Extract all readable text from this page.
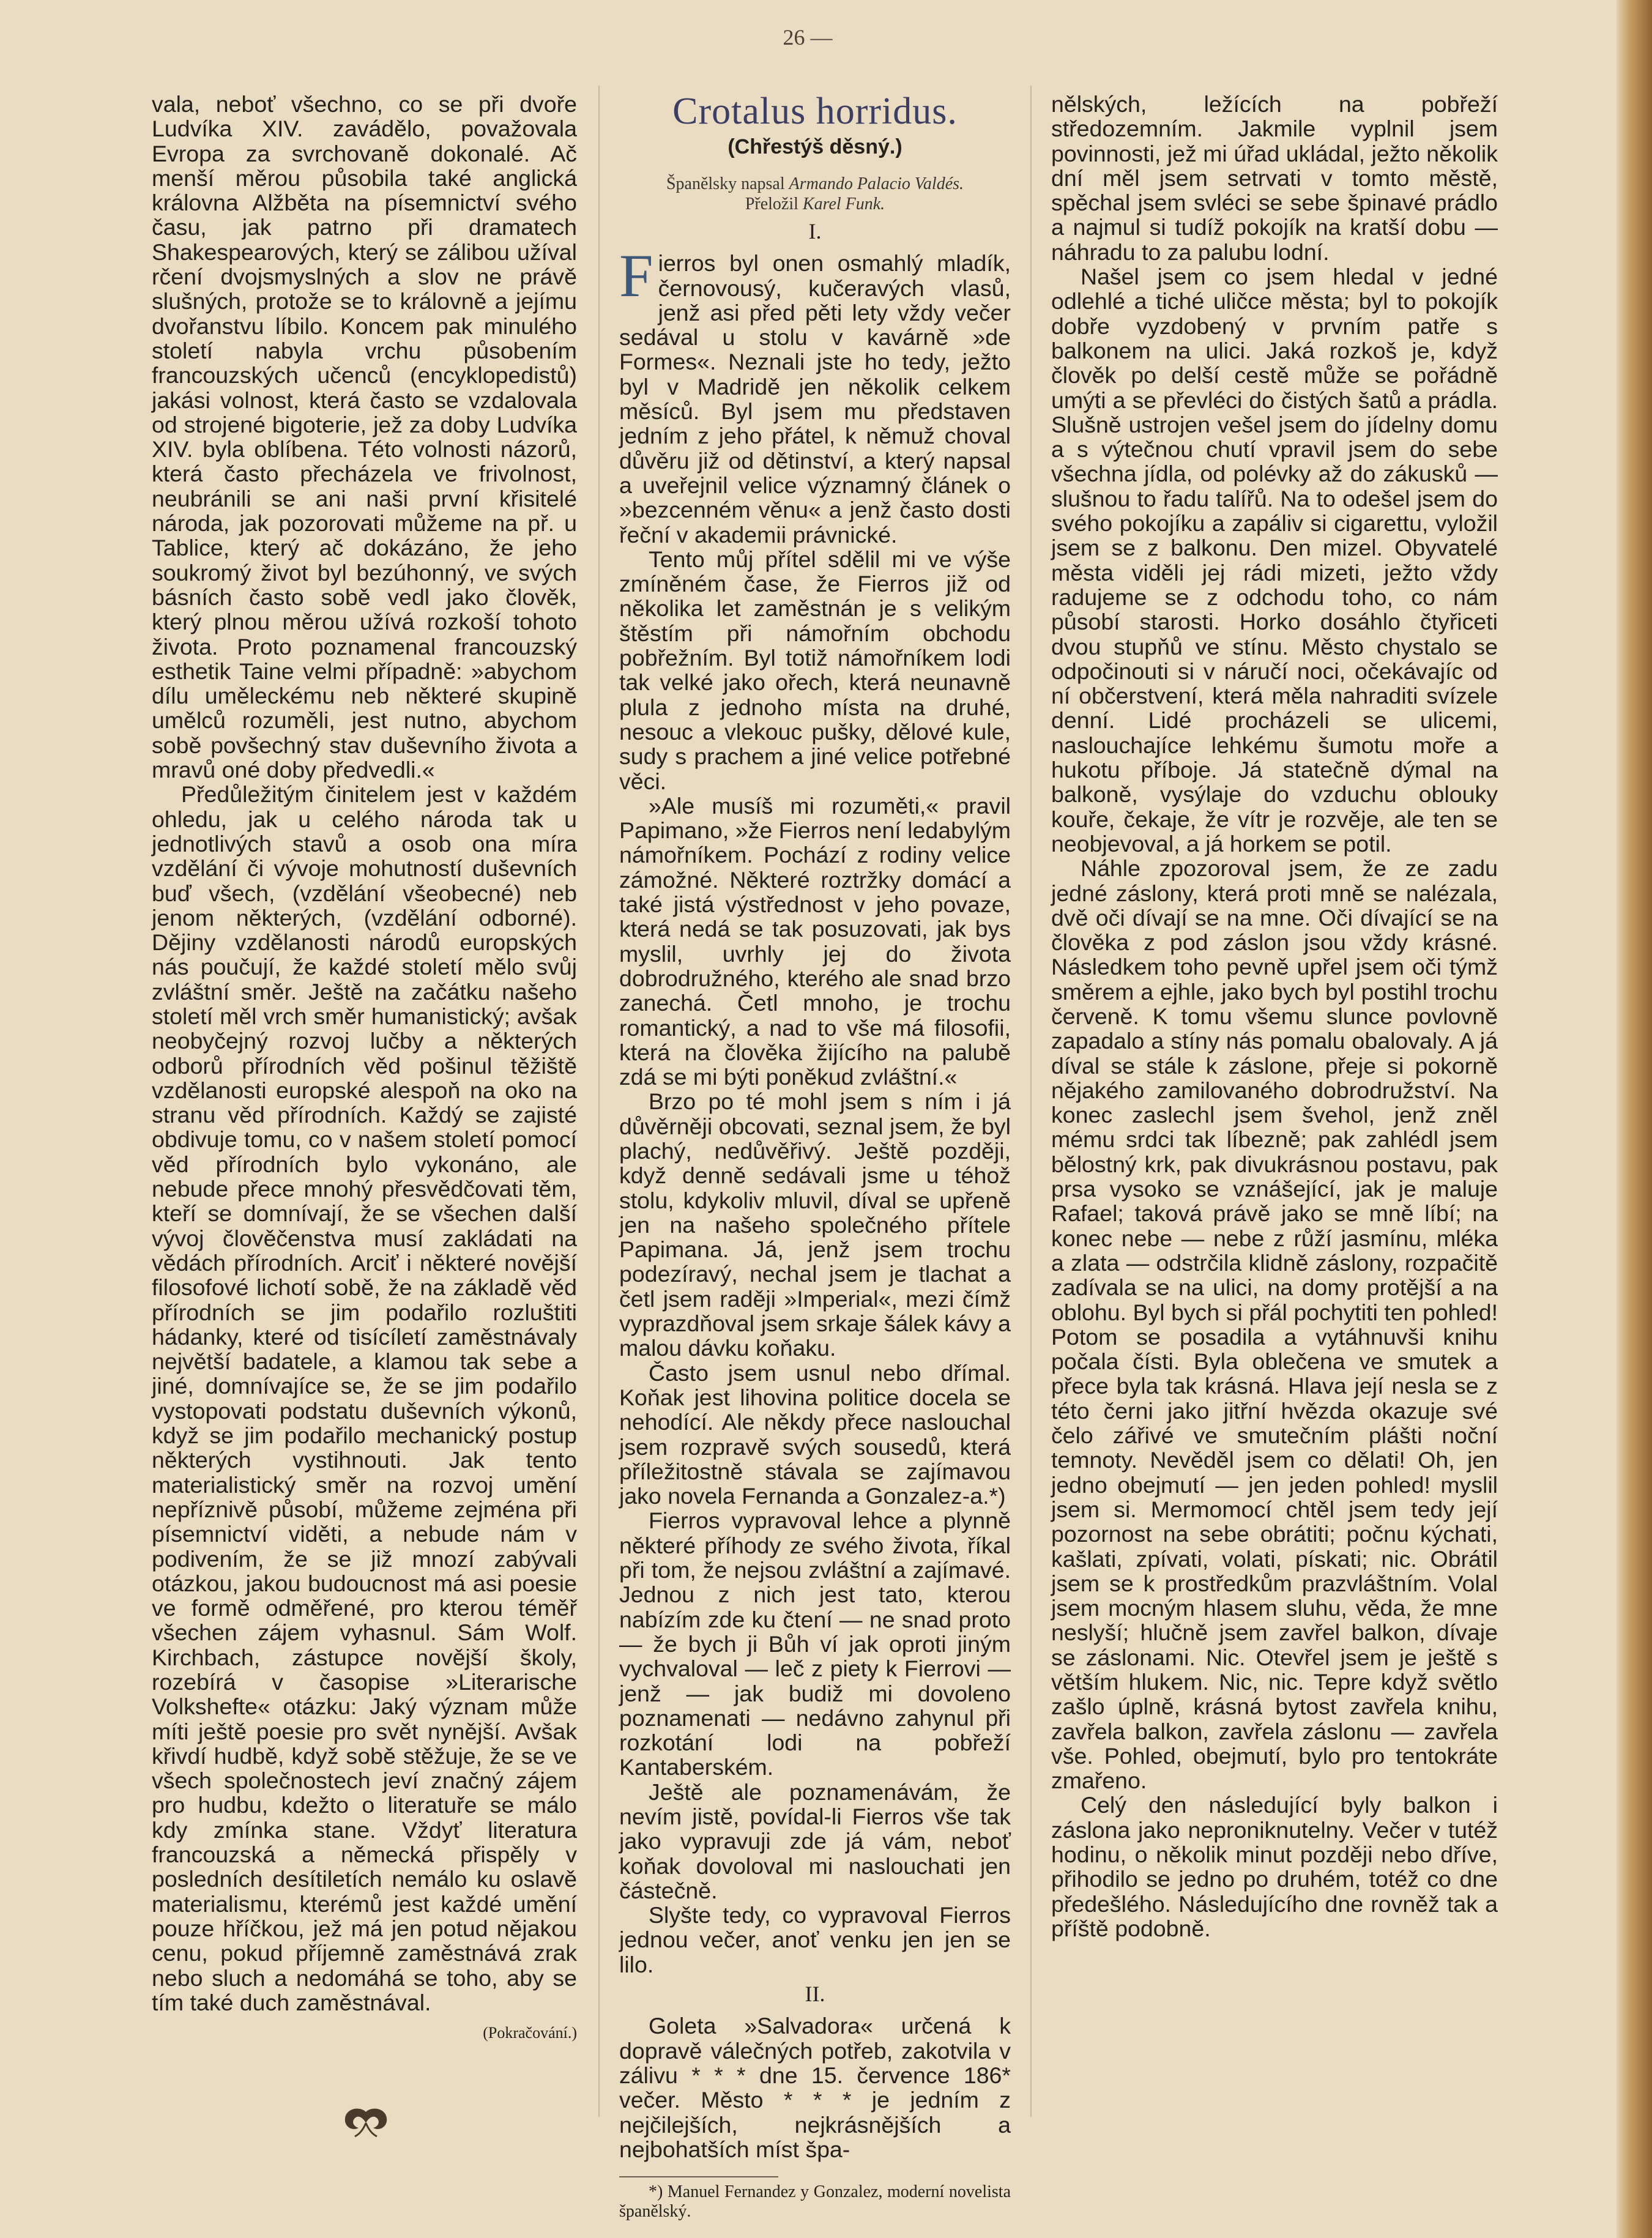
26 —

vala, neboť všechno, co se při dvoře Ludvíka XIV. zavádělo, považovala Evropa za svrchovaně dokonalé. Ač menší měrou působila také anglická královna Alžběta na písemnictví svého času, jak patrno při dramatech Shakespearových, který se zálibou užíval rčení dvojsmyslných a slov ne právě slušných, protože se to královně a jejímu dvořanstvu líbilo. Koncem pak minulého století nabyla vrchu působením francouzských učenců (encyklopedistů) jakási volnost, která často se vzdalovala od strojené bigoterie, jež za doby Ludvíka XIV. byla oblíbena. Této volnosti názorů, která často přecházela ve frivolnost, neubránili se ani naši první křisitelé národa, jak pozorovati můžeme na př. u Tablice, který ač dokázáno, že jeho soukromý život byl bezúhonný, ve svých básních často sobě vedl jako člověk, který plnou měrou užívá rozkoší tohoto života. Proto poznamenal francouzský esthetik Taine velmi případně: »abychom dílu uměleckému neb některé skupině umělců rozuměli, jest nutno, abychom sobě povšechný stav duševního života a mravů oné doby předvedli.«

Předůležitým činitelem jest v každém ohledu, jak u celého národa tak u jednotlivých stavů a osob ona míra vzdělání či vývoje mohutností duševních buď všech, (vzdělání všeobecné) neb jenom některých, (vzdělání odborné). Dějiny vzdělanosti národů europských nás poučují, že každé století mělo svůj zvláštní směr. Ještě na začátku našeho století měl vrch směr humanistický; avšak neobyčejný rozvoj lučby a některých odborů přírodních věd pošinul těžiště vzdělanosti europské alespoň na oko na stranu věd přírodních. Každý se zajisté obdivuje tomu, co v našem století pomocí věd přírodních bylo vykonáno, ale nebude přece mnohý přesvědčovati těm, kteří se domnívají, že se všechen další vývoj člověčenstva musí zakládati na vědách přírodních. Arciť i některé novější filosofové lichotí sobě, že na základě věd přírodních se jim podařilo rozluštiti hádanky, které od tisícíletí zaměstnávaly největší badatele, a klamou tak sebe a jiné, domnívajíce se, že se jim podařilo vystopovati podstatu duševních výkonů, když se jim podařilo mechanický postup některých vystihnouti. Jak tento materialistický směr na rozvoj umění nepříznivě působí, můžeme zejména při písemnictví viděti, a nebude nám v podivením, že se již mnozí zabývali otázkou, jakou budoucnost má asi poesie ve formě odměřené, pro kterou téměř všechen zájem vyhasnul. Sám Wolf. Kirchbach, zástupce novější školy, rozebírá v časopise »Literarische Volkshefte« otázku: Jaký význam může míti ještě poesie pro svět nynější. Avšak křivdí hudbě, když sobě stěžuje, že se ve všech společnostech jeví značný zájem pro hudbu, kdežto o literatuře se málo kdy zmínka stane. Vždyť literatura francouzská a německá přispěly v posledních desítiletích nemálo ku oslavě materialismu, kterémů jest každé umění pouze hříčkou, jež má jen potud nějakou cenu, pokud příjemně zaměstnává zrak nebo sluch a nedomáhá se toho, aby se tím také duch zaměstnával.

(Pokračování.)
Crotalus horridus.
(Chřestýš děsný.)
Španělsky napsal Armando Palacio Valdés.
Přeložil Karel Funk.

I.

Fierros byl onen osmahlý mladík, černovousý, kučeravých vlasů, jenž asi před pěti lety vždy večer sedával u stolu v kavárně »de Formes«. Neznali jste ho tedy, ježto byl v Madridě jen několik celkem měsíců. Byl jsem mu představen jedním z jeho přátel, k němuž choval důvěru již od dětinství, a který napsal a uveřejnil velice významný článek o »bezcenném věnu« a jenž často dosti řeční v akademii právnické.

Tento můj přítel sdělil mi ve výše zmíněném čase, že Fierros již od několika let zaměstnán je s velikým štěstím při námořním obchodu pobřežním. Byl totiž námořníkem lodi tak velké jako ořech, která neunavně plula z jednoho místa na druhé, nesouc a vlekouc pušky, dělové kule, sudy s prachem a jiné velice potřebné věci.

»Ale musíš mi rozuměti,« pravil Papimano, »že Fierros není ledabylým námořníkem. Pochází z rodiny velice zámožné. Některé roztržky domácí a také jistá výstřednost v jeho povaze, která nedá se tak posuzovati, jak bys myslil, uvrhly jej do života dobrodružného, kterého ale snad brzo zanechá. Četl mnoho, je trochu romantický, a nad to vše má filosofii, která na člověka žijícího na palubě zdá se mi býti poněkud zvláštní.«

Brzo po té mohl jsem s ním i já důvěrněji obcovati, seznal jsem, že byl plachý, nedůvěřivý. Ještě později, když denně sedávali jsme u téhož stolu, kdykoliv mluvil, díval se upřeně jen na našeho společného přítele Papimana. Já, jenž jsem trochu podezíravý, nechal jsem je tlachat a četl jsem raději »Imperial«, mezi čímž vyprazdňoval jsem srkaje šálek kávy a malou dávku koňaku.

Často jsem usnul nebo dřímal. Koňak jest lihovina politice docela se nehodící. Ale někdy přece naslouchal jsem rozpravě svých sousedů, která příležitostně stávala se zajímavou jako novela Fernanda a Gonzalez-a.*)

Fierros vypravoval lehce a plynně některé příhody ze svého života, říkal při tom, že nejsou zvláštní a zajímavé. Jednou z nich jest tato, kterou nabízím zde ku čtení — ne snad proto — že bych ji Bůh ví jak oproti jiným vychvaloval — leč z piety k Fierrovi — jenž — jak budiž mi dovoleno poznamenati — nedávno zahynul při rozkotání lodi na pobřeží Kantaberském.

Ještě ale poznamenávám, že nevím jistě, povídal-li Fierros vše tak jako vypravuji zde já vám, neboť koňak dovoloval mi naslouchati jen částečně.

Slyšte tedy, co vypravoval Fierros jednou večer, anoť venku jen jen se lilo.

II.

Goleta »Salvadora« určená k dopravě válečných potřeb, zakotvila v zálivu * * * dne 15. července 186* večer. Město * * * je jedním z nejčilejších, nejkrásnějších a nejbohatších míst špa-

*) Manuel Fernandez y Gonzalez, moderní novelista španělský.

nělských, ležících na pobřeží středozemním. Jakmile vyplnil jsem povinnosti, jež mi úřad ukládal, ježto několik dní měl jsem setrvati v tomto městě, spěchal jsem svléci se sebe špinavé prádlo a najmul si tudíž pokojík na kratší dobu — náhradu to za palubu lodní.

Našel jsem co jsem hledal v jedné odlehlé a tiché uličce města; byl to pokojík dobře vyzdobený v prvním patře s balkonem na ulici. Jaká rozkoš je, když člověk po delší cestě může se pořádně umýti a se převléci do čistých šatů a prádla. Slušně ustrojen vešel jsem do jídelny domu a s výtečnou chutí vpravil jsem do sebe všechna jídla, od polévky až do zákusků — slušnou to řadu talířů. Na to odešel jsem do svého pokojíku a zapáliv si cigarettu, vyložil jsem se z balkonu. Den mizel. Obyvatelé města viděli jej rádi mizeti, ježto vždy radujeme se z odchodu toho, co nám působí starosti. Horko dosáhlo čtyřiceti dvou stupňů ve stínu. Město chystalo se odpočinouti si v náručí noci, očekávajíc od ní občerstvení, která měla nahraditi svízele denní. Lidé procházeli se ulicemi, naslouchajíce lehkému šumotu moře a hukotu příboje. Já statečně dýmal na balkoně, vysýlaje do vzduchu oblouky kouře, čekaje, že vítr je rozvěje, ale ten se neobjevoval, a já horkem se potil.

Náhle zpozoroval jsem, že ze zadu jedné záslony, která proti mně se nalézala, dvě oči dívají se na mne. Oči dívající se na člověka z pod záslon jsou vždy krásné. Následkem toho pevně upřel jsem oči týmž směrem a ejhle, jako bych byl postihl trochu červeně. K tomu všemu slunce povlovně zapadalo a stíny nás pomalu obalovaly. A já díval se stále k záslone, přeje si pokorně nějakého zamilovaného dobrodružství. Na konec zaslechl jsem švehol, jenž zněl mému srdci tak líbezně; pak zahlédl jsem bělostný krk, pak divukrásnou postavu, pak prsa vysoko se vznášející, jak je maluje Rafael; taková právě jako se mně líbí; na konec nebe — nebe z růží jasmínu, mléka a zlata — odstrčila klidně záslony, rozpačitě zadívala se na ulici, na domy protější a na oblohu. Byl bych si přál pochytiti ten pohled! Potom se posadila a vytáhnuvši knihu počala čísti. Byla oblečena ve smutek a přece byla tak krásná. Hlava její nesla se z této černi jako jitřní hvězda okazuje své čelo zářivé ve smutečním plášti noční temnoty. Nevěděl jsem co dělati! Oh, jen jedno obejmutí — jen jeden pohled! myslil jsem si. Mermomocí chtěl jsem tedy její pozornost na sebe obrátiti; počnu kýchati, kašlati, zpívati, volati, pískati; nic. Obrátil jsem se k prostředkům prazvláštním. Volal jsem mocným hlasem sluhu, věda, že mne neslyší; hlučně jsem zavřel balkon, dívaje se záslonami. Nic. Otevřel jsem je ještě s větším hlukem. Nic, nic. Tepre když světlo zašlo úplně, krásná bytost zavřela knihu, zavřela balkon, zavřela záslonu — zavřela vše. Pohled, obejmutí, bylo pro tentokráte zmařeno.

Celý den následující byly balkon i záslona jako neproniknutelny. Večer v tutéž hodinu, o několik minut později nebo dříve, přihodilo se jedno po druhém, totéž co dne předešlého. Následujícího dne rovněž tak a příště podobně.
